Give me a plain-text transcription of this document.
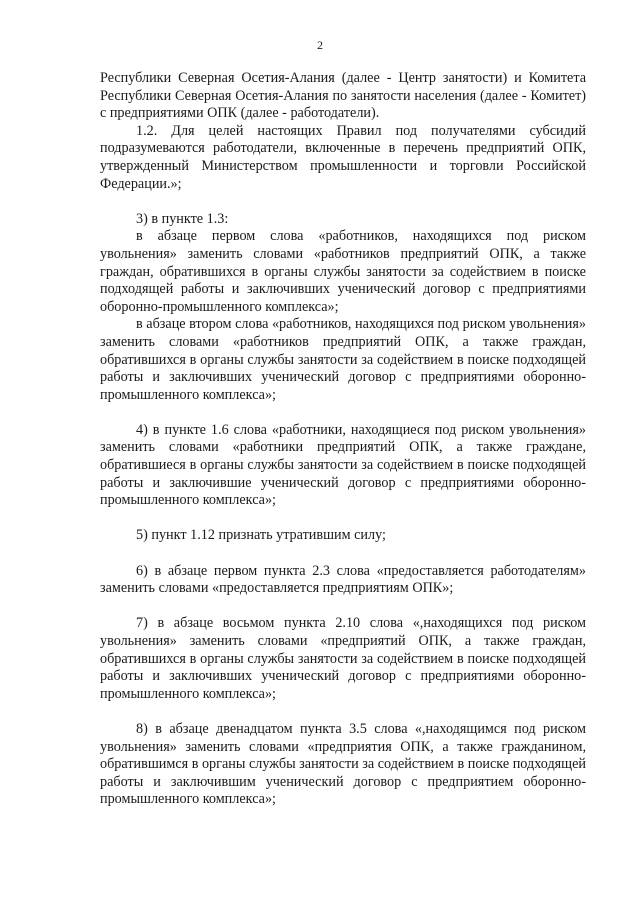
2

Республики Северная Осетия-Алания (далее - Центр занятости) и Комитета Республики Северная Осетия-Алания по занятости населения (далее - Комитет) с предприятиями ОПК (далее - работодатели).

1.2. Для целей настоящих Правил под получателями субсидий подразумеваются работодатели, включенные в перечень предприятий ОПК, утвержденный Министерством промышленности и торговли Российской Федерации.»;

3) в пункте 1.3:

в абзаце первом слова «работников, находящихся под риском увольнения» заменить словами «работников предприятий ОПК, а также граждан, обратившихся в органы службы занятости за содействием в поиске подходящей работы и заключивших ученический договор с предприятиями оборонно-промышленного комплекса»;

в абзаце втором слова «работников, находящихся под риском увольнения» заменить словами «работников предприятий ОПК, а также граждан, обратившихся в органы службы занятости за содействием в поиске подходящей работы и заключивших ученический договор с предприятиями оборонно-промышленного комплекса»;

4) в пункте 1.6 слова «работники, находящиеся под риском увольнения» заменить словами «работники предприятий ОПК, а также граждане, обратившиеся в органы службы занятости за содействием в поиске подходящей работы и заключившие ученический договор с предприятиями оборонно-промышленного комплекса»;

5) пункт 1.12 признать утратившим силу;

6) в абзаце первом пункта 2.3 слова «предоставляется работодателям» заменить словами «предоставляется предприятиям ОПК»;

7) в абзаце восьмом пункта 2.10 слова «,находящихся под риском увольнения» заменить словами «предприятий ОПК, а также граждан, обратившихся в органы службы занятости за содействием в поиске подходящей работы и заключивших ученический договор с предприятиями оборонно-промышленного комплекса»;

8) в абзаце двенадцатом пункта 3.5 слова «,находящимся под риском увольнения» заменить словами «предприятия ОПК, а также гражданином, обратившимся в органы службы занятости за содействием в поиске подходящей работы и заключившим ученический договор с предприятием оборонно-промышленного комплекса»;
